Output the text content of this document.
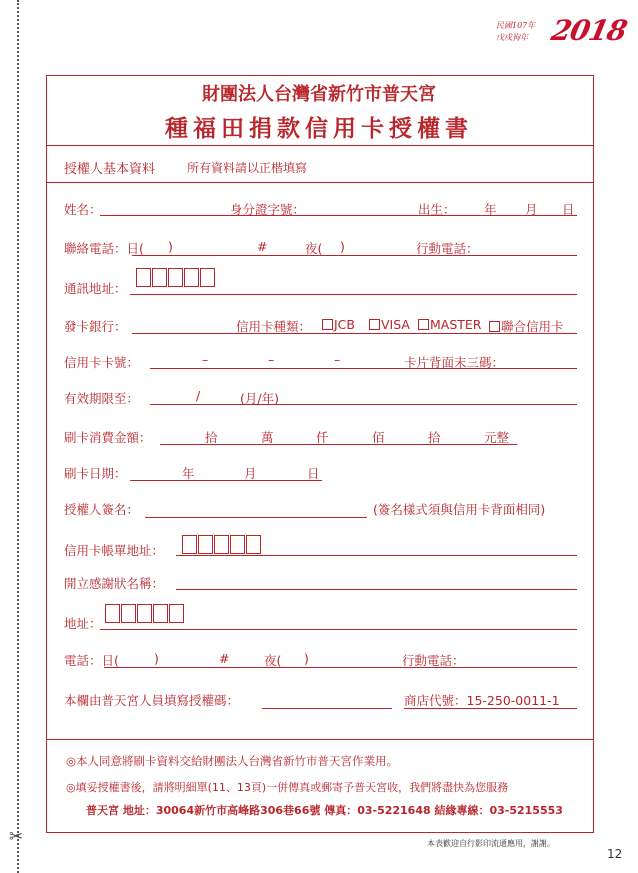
✂
民國107年
戊戌狗年 2018
財團法人台灣省新竹市普天宮
種福田捐款信用卡授權書
授權人基本資料	所有資料請以正楷填寫
姓名：	身分證字號：	出生： 年 月 日
聯絡電話：日( )	#	夜( )	行動電話：
通訊地址：
發卡銀行：	信用卡種類：	JCB	VISA	MASTER	聯合信用卡
信用卡卡號：	–	–	–	卡片背面末三碼：
有效期限至：	/	(月/年)
刷卡消費金額：	拾	萬	仟	佰	拾	元整
刷卡日期：	年	月	日
授權人簽名：	(簽名樣式須與信用卡背面相同)
信用卡帳單地址：
開立感謝狀名稱：
地址：
電話：日(	)	#	夜( )	行動電話：
本欄由普天宮人員填寫授權碼：	商店代號：15-250-0011-1
◎本人同意將刷卡資料交給財團法人台灣省新竹市普天宮作業用。
◎填妥授權書後，請將明細單(11、13頁)一併傳真或郵寄予普天宮收，我們將盡快為您服務
普天宮 地址：30064新竹市高峰路306巷66號 傳真：03-5221648 結緣專線：03-5215553
本表歡迎自行影印流通應用，謝謝。
12
